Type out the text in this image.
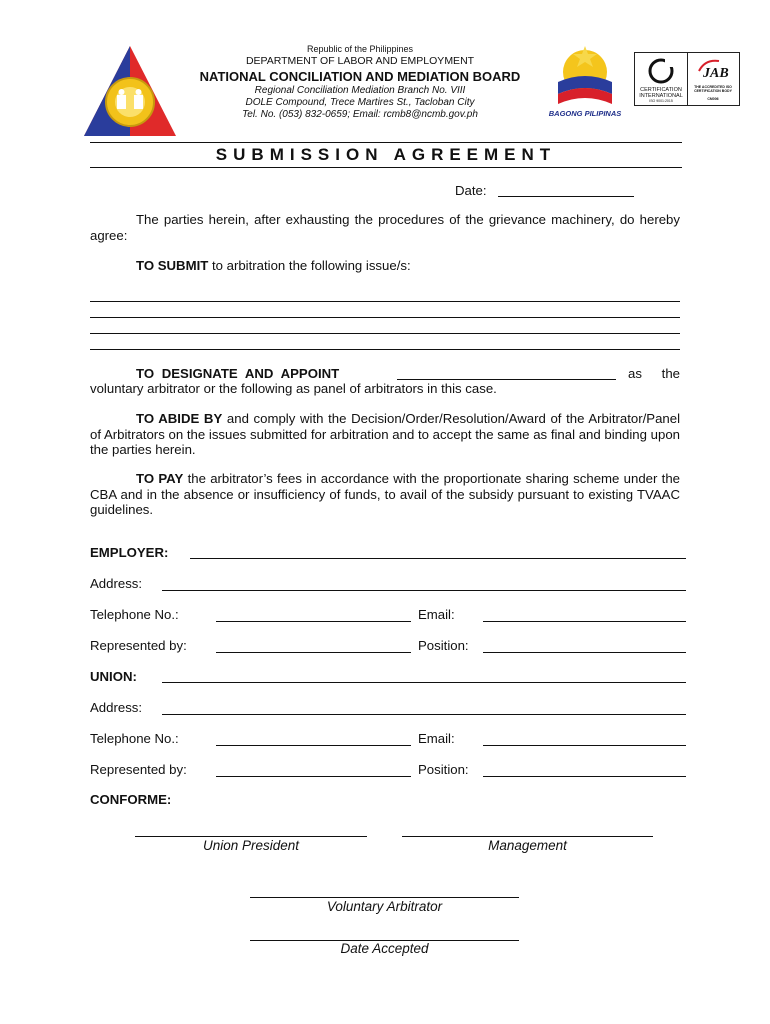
Republic of the Philippines
DEPARTMENT OF LABOR AND EMPLOYMENT
NATIONAL CONCILIATION AND MEDIATION BOARD
Regional Conciliation Mediation Branch No. VIII
DOLE Compound, Trece Martires St., Tacloban City
Tel. No. (053) 832-0659; Email: rcmb8@ncmb.gov.ph	BAGONG PILIPINAS
CERTIFICATION INTERNATIONAL
ISO 9001:2015
JAB
THE ACCREDITED ISO CERTIFICATION BODY
CM006
SUBMISSION AGREEMENT
Date:
The parties herein, after exhausting the procedures of the grievance machinery, do hereby agree:
TO SUBMIT to arbitration the following issue/s:
TO DESIGNATE AND APPOINT	as the
voluntary arbitrator or the following as panel of arbitrators in this case.
TO ABIDE BY and comply with the Decision/Order/Resolution/Award of the Arbitrator/Panel of Arbitrators on the issues submitted for arbitration and to accept the same as final and binding upon the parties herein.
TO PAY the arbitrator’s fees in accordance with the proportionate sharing scheme under the CBA and in the absence or insufficiency of funds, to avail of the subsidy pursuant to existing TVAAC guidelines.
EMPLOYER:
Address:
Telephone No.:	Email:
Represented by:	Position:
UNION:
Address:
Telephone No.:	Email:
Represented by:	Position:
CONFORME:
Union President	Management
Voluntary Arbitrator
Date Accepted
